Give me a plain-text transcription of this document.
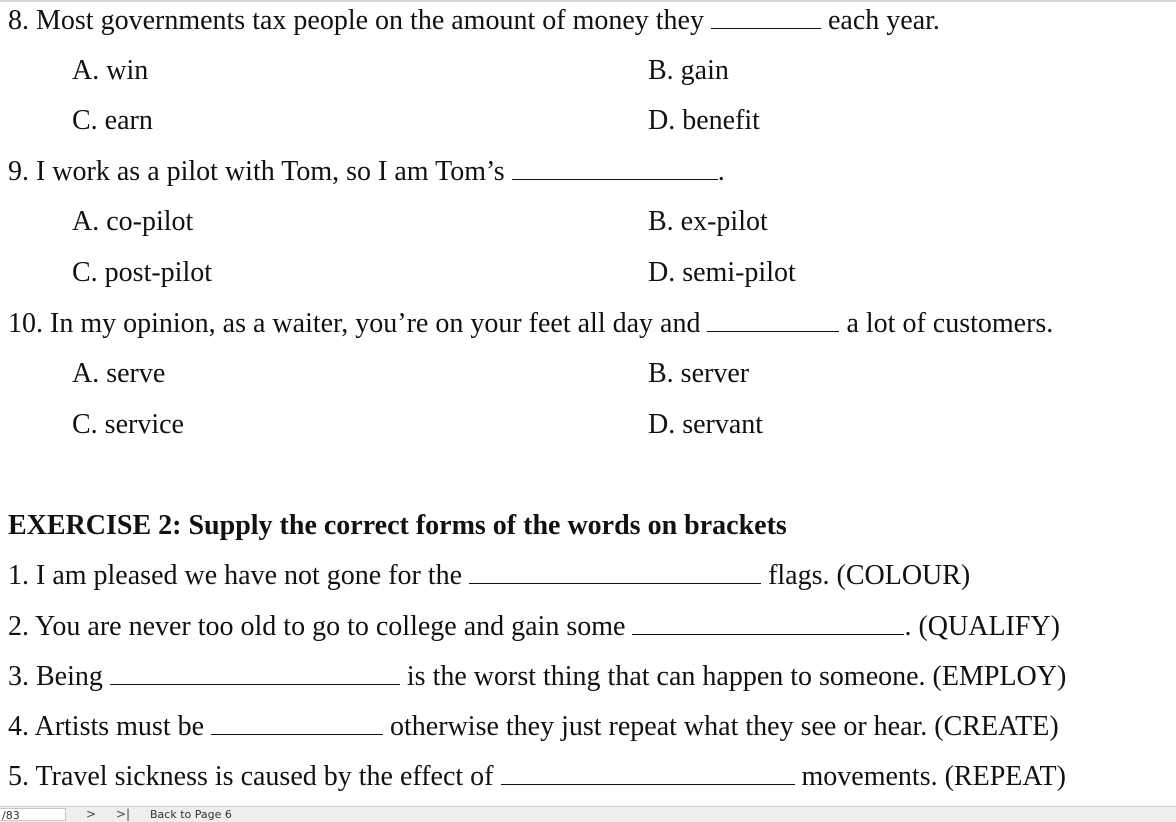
8. Most governments tax people on the amount of money they	each year.
A. win	B. gain
C. earn	D. benefit
9. I work as a pilot with Tom, so I am Tom’s	.
A. co-pilot	B. ex-pilot
C. post-pilot	D. semi-pilot
10. In my opinion, as a waiter, you’re on your feet all day and	a lot of customers.
A. serve	B. server
C. service	D. servant
EXERCISE 2: Supply the correct forms of the words on brackets
1. I am pleased we have not gone for the	flags. (COLOUR)
2. You are never too old to go to college and gain some	. (QUALIFY)
3. Being	is the worst thing that can happen to someone. (EMPLOY)
4. Artists must be	otherwise they just repeat what they see or hear. (CREATE)
5. Travel sickness is caused by the effect of	movements. (REPEAT)
/83	> >| Back to Page 6
